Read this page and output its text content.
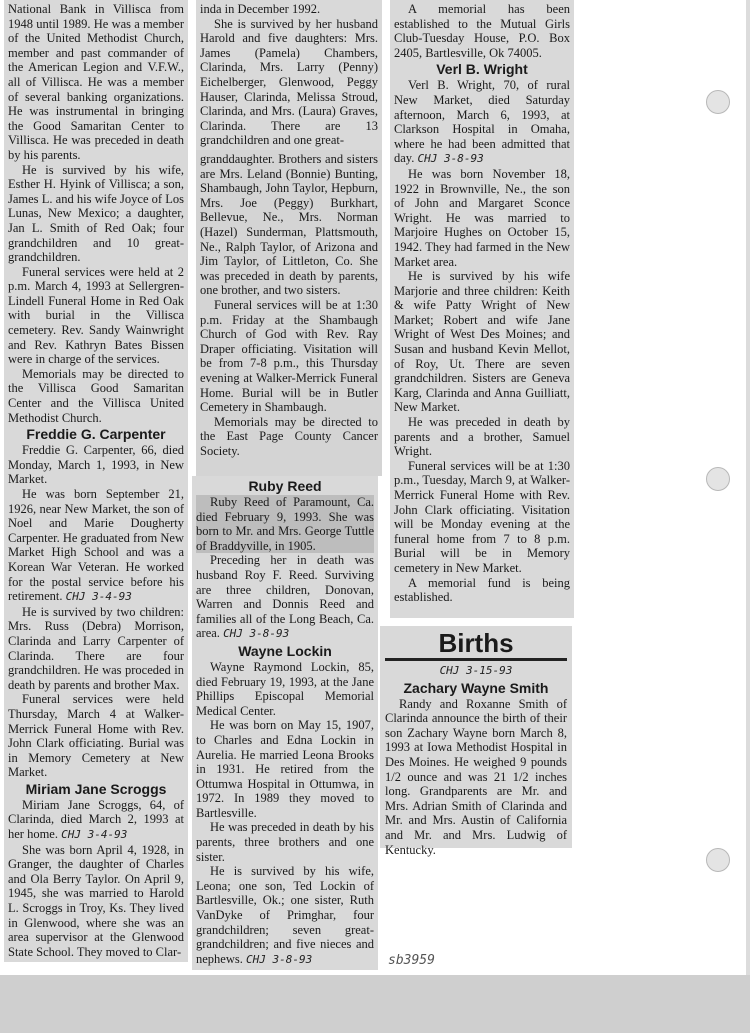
National Bank in Villisca from 1948 until 1989. He was a member of the United Methodist Church, member and past commander of the American Legion and V.F.W., all of Villisca. He was a member of several banking organizations. He was instrumental in bringing the Good Samaritan Center to Villisca. He was preceded in death by his parents.

He is survived by his wife, Esther H. Hyink of Villisca; a son, James L. and his wife Joyce of Los Lunas, New Mexico; a daughter, Jan L. Smith of Red Oak; four grandchildren and 10 great-grandchildren.

Funeral services were held at 2 p.m. March 4, 1993 at Sellergren-Lindell Funeral Home in Red Oak with burial in the Villisca cemetery. Rev. Sandy Wainwright and Rev. Kathryn Bates Bissen were in charge of the services.

Memorials may be directed to the Villisca Good Samaritan Center and the Villisca United Methodist Church.

Freddie G. Carpenter

Freddie G. Carpenter, 66, died Monday, March 1, 1993, in New Market.

He was born September 21, 1926, near New Market, the son of Noel and Marie Dougherty Carpenter. He graduated from New Market High School and was a Korean War Veteran. He worked for the postal service before his retirement. CHJ 3-4-93

He is survived by two children: Mrs. Russ (Debra) Morrison, Clarinda and Larry Carpenter of Clarinda. There are four grandchildren. He was proceded in death by parents and brother Max.

Funeral services were held Thursday, March 4 at Walker-Merrick Funeral Home with Rev. John Clark officiating. Burial was in Memory Cemetery at New Market.

Miriam Jane Scroggs

Miriam Jane Scroggs, 64, of Clarinda, died March 2, 1993 at her home. CHJ 3-4-93

She was born April 4, 1928, in Granger, the daughter of Charles and Ola Berry Taylor. On April 9, 1945, she was married to Harold L. Scroggs in Troy, Ks. They lived in Glenwood, where she was an area supervisor at the Glenwood State School. They moved to Clar-

inda in December 1992.

She is survived by her husband Harold and five daughters: Mrs. James (Pamela) Chambers, Clarinda, Mrs. Larry (Penny) Eichelberger, Glenwood, Peggy Hauser, Clarinda, Melissa Stroud, Clarinda, and Mrs. (Laura) Graves, Clarinda. There are 13 grandchildren and one great-

granddaughter. Brothers and sisters are Mrs. Leland (Bonnie) Bunting, Shambaugh, John Taylor, Hepburn, Mrs. Joe (Peggy) Burkhart, Bellevue, Ne., Mrs. Norman (Hazel) Sunderman, Plattsmouth, Ne., Ralph Taylor, of Arizona and Jim Taylor, of Littleton, Co. She was preceded in death by parents, one brother, and two sisters.

Funeral services will be at 1:30 p.m. Friday at the Shambaugh Church of God with Rev. Ray Draper officiating. Visitation will be from 7-8 p.m., this Thursday evening at Walker-Merrick Funeral Home. Burial will be in Butler Cemetery in Shambaugh.

Memorials may be directed to the East Page County Cancer Society.

Ruby Reed

Ruby Reed of Paramount, Ca. died February 9, 1993. She was born to Mr. and Mrs. George Tuttle of Braddyville, in 1905.

Preceding her in death was husband Roy F. Reed. Surviving are three children, Donovan, Warren and Donnis Reed and families all of the Long Beach, Ca. area. CHJ 3-8-93

Wayne Lockin

Wayne Raymond Lockin, 85, died February 19, 1993, at the Jane Phillips Episcopal Memorial Medical Center.

He was born on May 15, 1907, to Charles and Edna Lockin in Aurelia. He married Leona Brooks in 1931. He retired from the Ottumwa Hospital in Ottumwa, in 1972. In 1989 they moved to Bartlesville.

He was preceded in death by his parents, three brothers and one sister.

He is survived by his wife, Leona; one son, Ted Lockin of Bartlesville, Ok.; one sister, Ruth VanDyke of Primghar, four grandchildren; seven great-grandchildren; and five nieces and nephews. CHJ 3-8-93

A memorial has been established to the Mutual Girls Club-Tuesday House, P.O. Box 2405, Bartlesville, Ok 74005.

Verl B. Wright

Verl B. Wright, 70, of rural New Market, died Saturday afternoon, March 6, 1993, at Clarkson Hospital in Omaha, where he had been admitted that day. CHJ 3-8-93

He was born November 18, 1922 in Brownville, Ne., the son of John and Margaret Sconce Wright. He was married to Marjoire Hughes on October 15, 1942. They had farmed in the New Market area.

He is survived by his wife Marjorie and three children: Keith & wife Patty Wright of New Market; Robert and wife Jane Wright of West Des Moines; and Susan and husband Kevin Mellot, of Roy, Ut. There are seven grandchildren. Sisters are Geneva Karg, Clarinda and Anna Guilliatt, New Market.

He was preceded in death by parents and a brother, Samuel Wright.

Funeral services will be at 1:30 p.m., Tuesday, March 9, at Walker-Merrick Funeral Home with Rev. John Clark officiating. Visitation will be Monday evening at the funeral home from 7 to 8 p.m. Burial will be in Memory cemetery in New Market.

A memorial fund is being established.

Births
CHJ 3-15-93
Zachary Wayne Smith

Randy and Roxanne Smith of Clarinda announce the birth of their son Zachary Wayne born March 8, 1993 at Iowa Methodist Hospital in Des Moines. He weighed 9 pounds 1/2 ounce and was 21 1/2 inches long. Grandparents are Mr. and Mrs. Adrian Smith of Clarinda and Mr. and Mrs. Austin of California and Mr. and Mrs. Ludwig of Kentucky.

sb3959
